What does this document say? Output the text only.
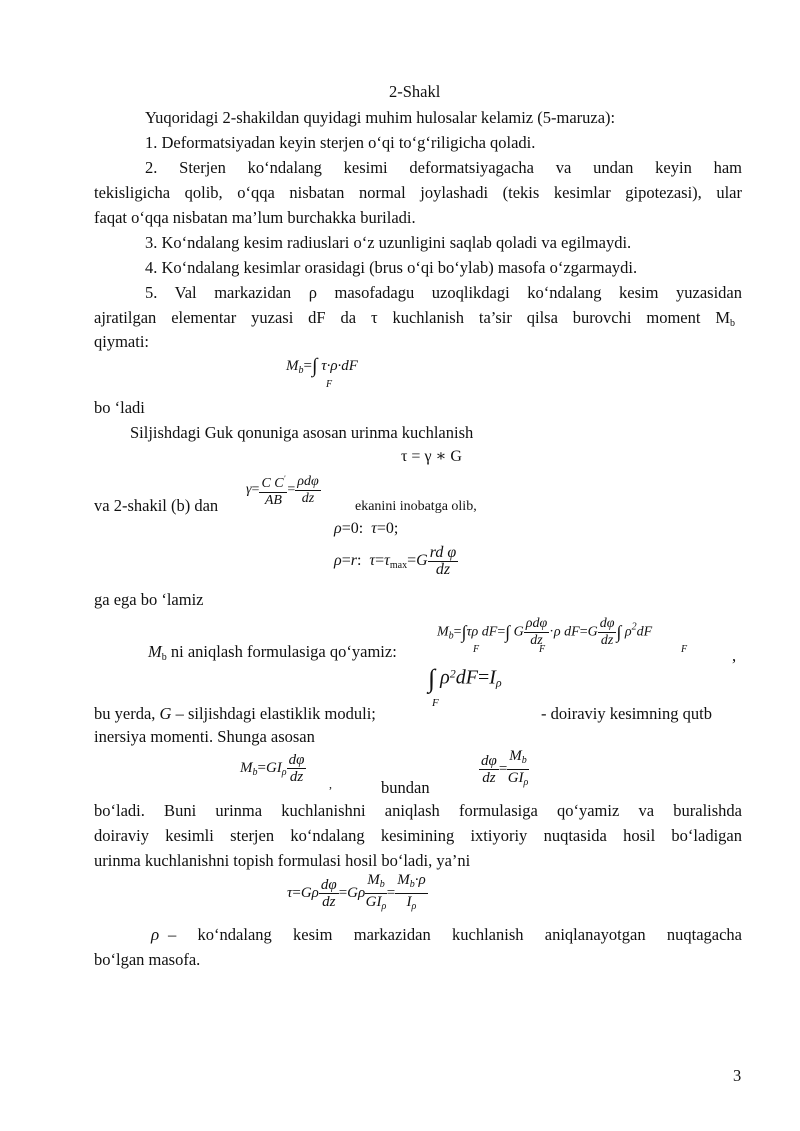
2-Shakl
Yuqoridagi 2-shakildan quyidagi muhim hulosalar kelamiz (5-maruza):
1. Deformatsiyadan keyin sterjen o‘qi to‘g‘riligicha qoladi.
2. Sterjen ko‘ndalang kesimi deformatsiyagacha va undan keyin ham
tekisligicha qolib, o‘qqa nisbatan normal joylashadi (tekis kesimlar gipotezasi), ular
faqat o‘qqa nisbatan ma’lum burchakka buriladi.
3. Ko‘ndalang kesim radiuslari o‘z uzunligini saqlab qoladi va egilmaydi.
4. Ko‘ndalang kesimlar orasidagi (brus o‘qi bo‘ylab) masofa o‘zgarmaydi.
5. Val markazidan ρ masofadagu uzoqlikdagi ko‘ndalang kesim yuzasidan
ajratilgan elementar yuzasi dF da τ kuchlanish ta’sir qilsa burovchi moment $M_b$
qiymati:
$M_b=\int$
F
τ·ρ·dF
bo ‘ladi
Siljishdagi Guk qonuniga asosan urinma kuchlanish
τ = γ ∗ G
va 2-shakil (b) dan
$\gamma= \frac{C C'}{AB} = \frac{\text{ρdφ}}{dz}$ ekanini inobatga olib,
ρ=0:  τ=0;
ρ=r:  $\tau=\tau_{max}=G \frac{\text{rd φ}}{dz}$
ga ega bo ‘lamiz
$M_b$ ni aniqlash formulasiga qo‘yamiz:
$M_b=\int$
F
τρ dF=∫
F
G $\frac{\text{ρdφ}}{dz} \cdot\rho$ $dF=G \frac{d\varphi}{dz}$ ∫
F
$\rho^2dF$
,
∫ $\rho^2dF=I_\rho$
F
bu yerda, G – siljishdagi elastiklik moduli;	- doiraviy kesimning qutb
inersiya momenti. Shunga asosan
$M_b=GI_\rho \frac{d\varphi}{dz}$ ,	bundan
$\frac{d\varphi}{dz} = \frac{M_b}{GI_\rho}$
bo‘ladi. Buni urinma kuchlanishni aniqlash formulasiga qo‘yamiz va buralishda
doiraviy kesimli sterjen ko‘ndalang kesimining ixtiyoriy nuqtasida hosil bo‘ladigan
urinma kuchlanishni topish formulasi hosil bo‘ladi, ya’ni
$\tau=G\rho \frac{d\varphi}{dz} =G\rho \frac{M_b}{GI_\rho} = \frac{M_b\cdot\rho}{I_\rho}$
ρ – ko‘ndalang kesim markazidan kuchlanish aniqlanayotgan nuqtagacha
bo‘lgan masofa.
3
